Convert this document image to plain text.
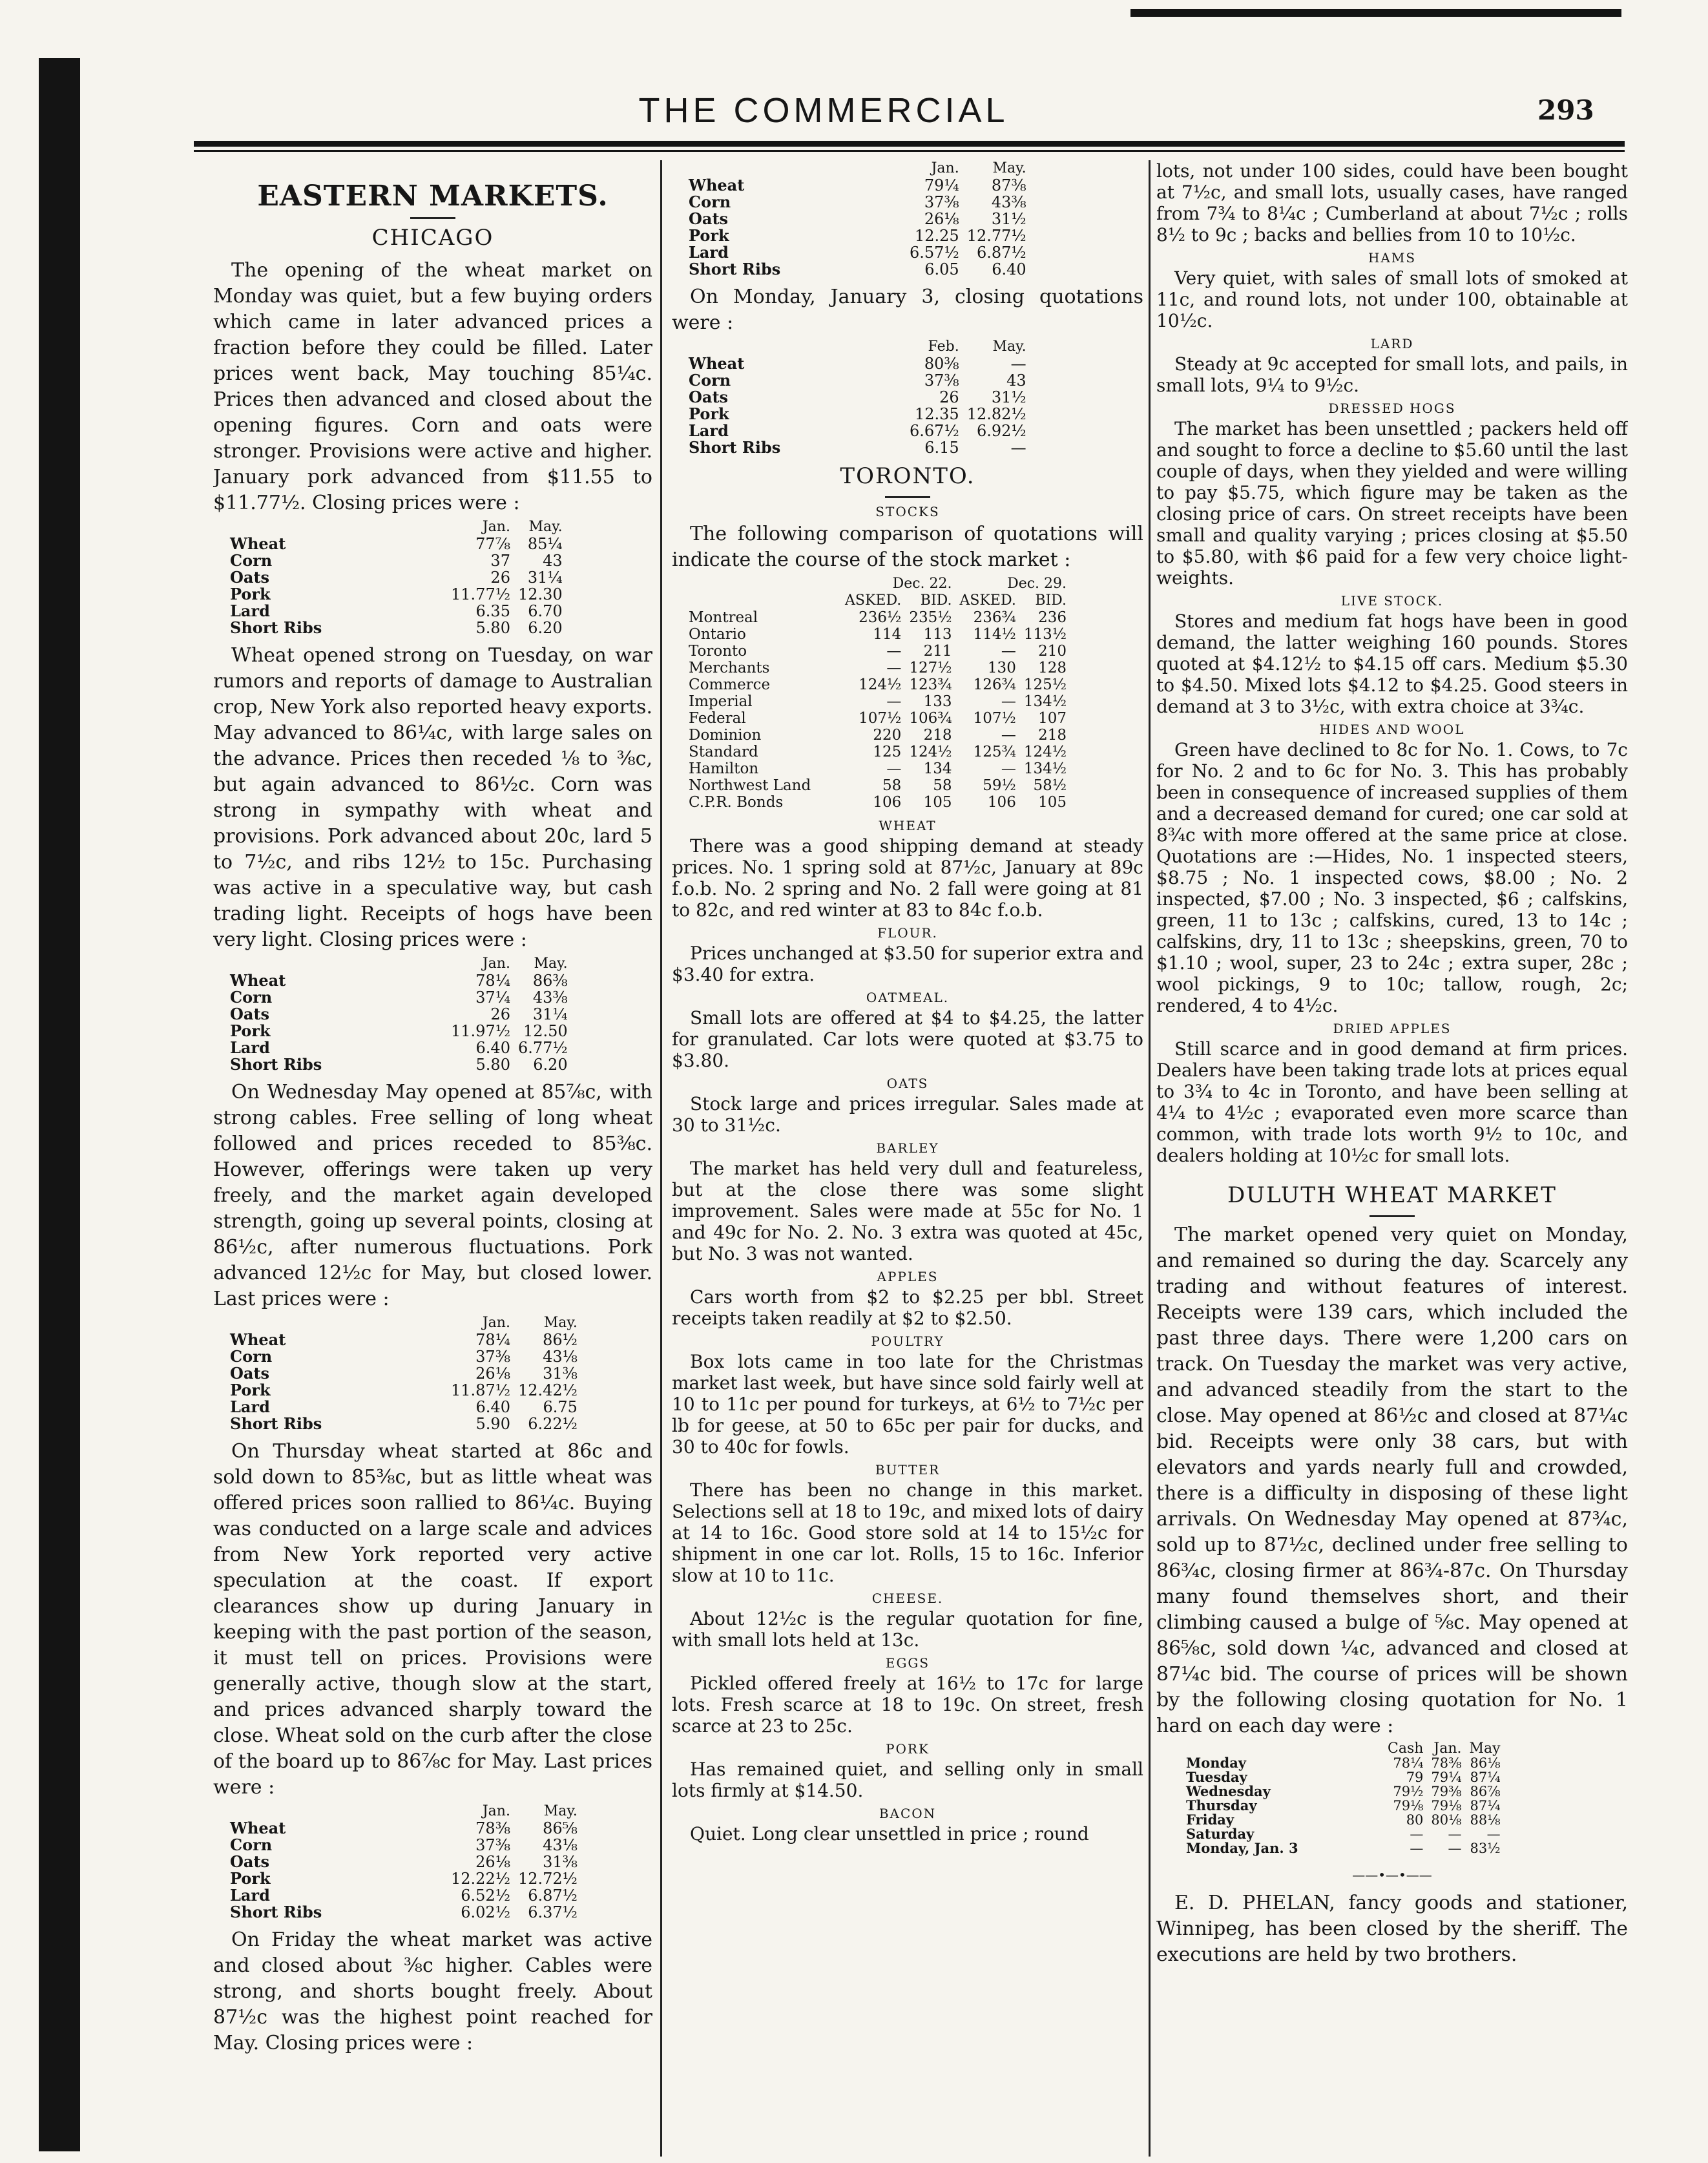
THE COMMERCIAL	293
EASTERN MARKETS.
CHICAGO

The opening of the wheat market on Monday was quiet, but a few buying orders which came in later advanced prices a fraction before they could be filled. Later prices went back, May touching 85¼c. Prices then advanced and closed about the opening figures. Corn and oats were stronger. Provisions were active and higher. January pork advanced from $11.55 to $11.77½. Closing prices were :

	Jan.	May.
Wheat	77⅞	85¼
Corn	37	43
Oats	26	31¼
Pork	11.77½	12.30
Lard	6.35	6.70
Short Ribs	5.80	6.20

Wheat opened strong on Tuesday, on war rumors and reports of damage to Australian crop, New York also reported heavy exports. May advanced to 86¼c, with large sales on the advance. Prices then receded ⅛ to ⅜c, but again advanced to 86½c. Corn was strong in sympathy with wheat and provisions. Pork advanced about 20c, lard 5 to 7½c, and ribs 12½ to 15c. Purchasing was active in a speculative way, but cash trading light. Receipts of hogs have been very light. Closing prices were :

	Jan.	May.
Wheat	78¼	86⅜
Corn	37¼	43⅜
Oats	26	31¼
Pork	11.97½	12.50
Lard	6.40	6.77½
Short Ribs	5.80	6.20

On Wednesday May opened at 85⅞c, with strong cables. Free selling of long wheat followed and prices receded to 85⅜c. However, offerings were taken up very freely, and the market again developed strength, going up several points, closing at 86½c, after numerous fluctuations. Pork advanced 12½c for May, but closed lower. Last prices were :

	Jan.	May.
Wheat	78¼	86½
Corn	37⅜	43⅛
Oats	26⅛	31⅜
Pork	11.87½	12.42½
Lard	6.40	6.75
Short Ribs	5.90	6.22½

On Thursday wheat started at 86c and sold down to 85⅜c, but as little wheat was offered prices soon rallied to 86¼c. Buying was conducted on a large scale and advices from New York reported very active speculation at the coast. If export clearances show up during January in keeping with the past portion of the season, it must tell on prices. Provisions were generally active, though slow at the start, and prices advanced sharply toward the close. Wheat sold on the curb after the close of the board up to 86⅞c for May. Last prices were :

	Jan.	May.
Wheat	78⅜	86⅝
Corn	37⅜	43⅛
Oats	26⅛	31⅜
Pork	12.22½	12.72½
Lard	6.52½	6.87½
Short Ribs	6.02½	6.37½

On Friday the wheat market was active and closed about ⅜c higher. Cables were strong, and shorts bought freely. About 87½c was the highest point reached for May. Closing prices were :

	Jan.	May.
Wheat	79¼	87⅜
Corn	37⅜	43⅜
Oats	26⅛	31½
Pork	12.25	12.77½
Lard	6.57½	6.87½
Short Ribs	6.05	6.40

On Monday, January 3, closing quotations were :

	Feb.	May.
Wheat	80⅜	—
Corn	37⅜	43
Oats	26	31½
Pork	12.35	12.82½
Lard	6.67½	6.92½
Short Ribs	6.15	—
TORONTO.
STOCKS

The following comparison of quotations will indicate the course of the stock market :

	Dec. 22.		Dec. 29.	
	ASKED.	BID.	ASKED.	BID.
Montreal	236½	235½	236¾	236
Ontario	114	113	114½	113½
Toronto	—	211	—	210
Merchants	—	127½	130	128
Commerce	124½	123¾	126¾	125½
Imperial	—	133	—	134½
Federal	107½	106¾	107½	107
Dominion	220	218	—	218
Standard	125	124½	125¾	124½
Hamilton	—	134	—	134½
Northwest Land	58	58	59½	58½
C.P.R. Bonds	106	105	106	105
WHEAT

There was a good shipping demand at steady prices. No. 1 spring sold at 87½c, January at 89c f.o.b. No. 2 spring and No. 2 fall were going at 81 to 82c, and red winter at 83 to 84c f.o.b.

FLOUR.

Prices unchanged at $3.50 for superior extra and $3.40 for extra.

OATMEAL.

Small lots are offered at $4 to $4.25, the latter for granulated. Car lots were quoted at $3.75 to $3.80.

OATS

Stock large and prices irregular. Sales made at 30 to 31½c.

BARLEY

The market has held very dull and featureless, but at the close there was some slight improvement. Sales were made at 55c for No. 1 and 49c for No. 2. No. 3 extra was quoted at 45c, but No. 3 was not wanted.

APPLES

Cars worth from $2 to $2.25 per bbl. Street receipts taken readily at $2 to $2.50.

POULTRY

Box lots came in too late for the Christmas market last week, but have since sold fairly well at 10 to 11c per pound for turkeys, at 6½ to 7½c per lb for geese, at 50 to 65c per pair for ducks, and 30 to 40c for fowls.

BUTTER

There has been no change in this market. Selections sell at 18 to 19c, and mixed lots of dairy at 14 to 16c. Good store sold at 14 to 15½c for shipment in one car lot. Rolls, 15 to 16c. Inferior slow at 10 to 11c.

CHEESE.

About 12½c is the regular quotation for fine, with small lots held at 13c.

EGGS

Pickled offered freely at 16½ to 17c for large lots. Fresh scarce at 18 to 19c. On street, fresh scarce at 23 to 25c.

PORK

Has remained quiet, and selling only in small lots firmly at $14.50.

BACON

Quiet. Long clear unsettled in price ; round

lots, not under 100 sides, could have been bought at 7½c, and small lots, usually cases, have ranged from 7¾ to 8¼c ; Cumberland at about 7½c ; rolls 8½ to 9c ; backs and bellies from 10 to 10½c.

HAMS

Very quiet, with sales of small lots of smoked at 11c, and round lots, not under 100, obtainable at 10½c.

LARD

Steady at 9c accepted for small lots, and pails, in small lots, 9¼ to 9½c.

DRESSED HOGS

The market has been unsettled ; packers held off and sought to force a decline to $5.60 until the last couple of days, when they yielded and were willing to pay $5.75, which figure may be taken as the closing price of cars. On street receipts have been small and quality varying ; prices closing at $5.50 to $5.80, with $6 paid for a few very choice light-weights.

LIVE STOCK.

Stores and medium fat hogs have been in good demand, the latter weighing 160 pounds. Stores quoted at $4.12½ to $4.15 off cars. Medium $5.30 to $4.50. Mixed lots $4.12 to $4.25. Good steers in demand at 3 to 3½c, with extra choice at 3¾c.

HIDES AND WOOL

Green have declined to 8c for No. 1. Cows, to 7c for No. 2 and to 6c for No. 3. This has probably been in consequence of increased supplies of them and a decreased demand for cured; one car sold at 8¾c with more offered at the same price at close. Quotations are :—Hides, No. 1 inspected steers, $8.75 ; No. 1 inspected cows, $8.00 ; No. 2 inspected, $7.00 ; No. 3 inspected, $6 ; calfskins, green, 11 to 13c ; calfskins, cured, 13 to 14c ; calfskins, dry, 11 to 13c ; sheepskins, green, 70 to $1.10 ; wool, super, 23 to 24c ; extra super, 28c ; wool pickings, 9 to 10c; tallow, rough, 2c; rendered, 4 to 4½c.

DRIED APPLES

Still scarce and in good demand at firm prices. Dealers have been taking trade lots at prices equal to 3¾ to 4c in Toronto, and have been selling at 4¼ to 4½c ; evaporated even more scarce than common, with trade lots worth 9½ to 10c, and dealers holding at 10½c for small lots.

DULUTH WHEAT MARKET

The market opened very quiet on Monday, and remained so during the day. Scarcely any trading and without features of interest. Receipts were 139 cars, which included the past three days. There were 1,200 cars on track. On Tuesday the market was very active, and advanced steadily from the start to the close. May opened at 86½c and closed at 87¼c bid. Receipts were only 38 cars, but with elevators and yards nearly full and crowded, there is a difficulty in disposing of these light arrivals. On Wednesday May opened at 87¾c, sold up to 87½c, declined under free selling to 86¾c, closing firmer at 86¾-87c. On Thursday many found themselves short, and their climbing caused a bulge of ⅝c. May opened at 86⅝c, sold down ¼c, advanced and closed at 87¼c bid. The course of prices will be shown by the following closing quotation for No. 1 hard on each day were :

	Cash	Jan.	May
Monday	78¼	78⅜	86⅛
Tuesday	79	79¼	87¼
Wednesday	79½	79⅜	86⅞
Thursday	79⅛	79⅛	87¼
Friday	80	80⅛	88⅛
Saturday	—	—	—
Monday, Jan. 3	—	—	83½
——•—•——

E. D. PHELAN, fancy goods and stationer, Winnipeg, has been closed by the sheriff. The executions are held by two brothers.
